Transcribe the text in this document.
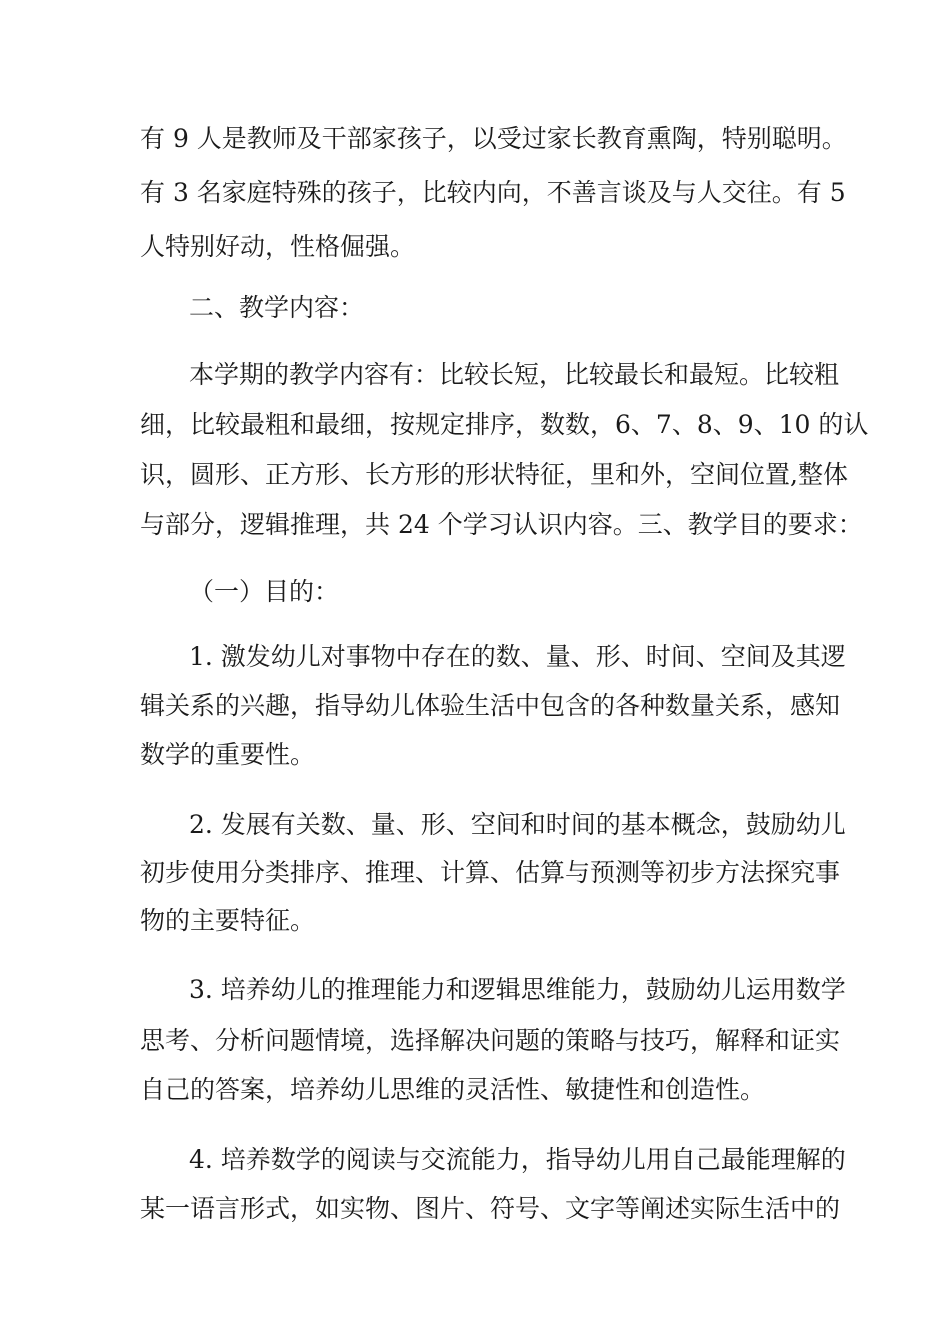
有 9 人是教师及干部家孩子，以受过家长教育熏陶，特别聪明。
有 3 名家庭特殊的孩子，比较内向，不善言谈及与人交往。有 5
人特别好动，性格倔强。
二、教学内容：
本学期的教学内容有：比较长短，比较最长和最短。比较粗
细，比较最粗和最细，按规定排序，数数，6、7、8、9、10 的认
识，圆形、正方形、长方形的形状特征，里和外，空间位置,整体
与部分，逻辑推理，共 24 个学习认识内容。三、教学目的要求：
（一）目的：
1. 激发幼儿对事物中存在的数、量、形、时间、空间及其逻
辑关系的兴趣，指导幼儿体验生活中包含的各种数量关系，感知
数学的重要性。
2. 发展有关数、量、形、空间和时间的基本概念，鼓励幼儿
初步使用分类排序、推理、计算、估算与预测等初步方法探究事
物的主要特征。
3. 培养幼儿的推理能力和逻辑思维能力，鼓励幼儿运用数学
思考、分析问题情境，选择解决问题的策略与技巧，解释和证实
自己的答案，培养幼儿思维的灵活性、敏捷性和创造性。
4. 培养数学的阅读与交流能力，指导幼儿用自己最能理解的
某一语言形式，如实物、图片、符号、文字等阐述实际生活中的
